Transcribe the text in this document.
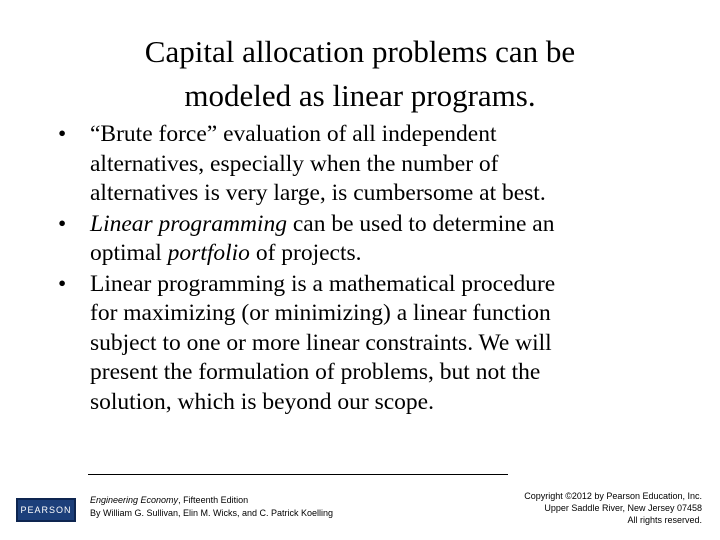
Capital allocation problems can be
modeled as linear programs.
• “Brute force” evaluation of all independent
alternatives, especially when the number of
alternatives is very large, is cumbersome at best.
• Linear programming can be used to determine an
optimal portfolio of projects.
• Linear programming is a mathematical procedure
for maximizing (or minimizing) a linear function
subject to one or more linear constraints. We will
present the formulation of problems, but not the
solution, which is beyond our scope.
PEARSON
Engineering Economy, Fifteenth Edition
By William G. Sullivan, Elin M. Wicks, and C. Patrick Koelling
Copyright ©2012 by Pearson Education, Inc.
Upper Saddle River, New Jersey 07458
All rights reserved.
